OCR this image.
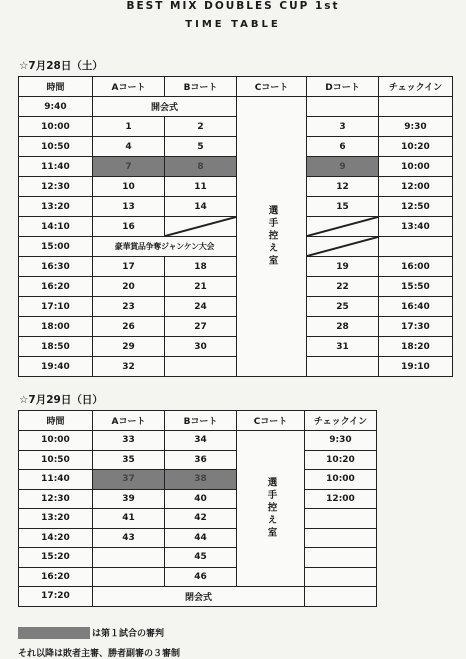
BEST MIX DOUBLES CUP 1st
TIME TABLE
☆7月28日（土）
時間	Aコート	Bコート	Cコート	Dコート	チェックイン
9:40	開会式		選手控え室		
10:00	1	2		3	9:30
10:50	4	5		6	10:20
11:40	7	8		9	10:00
12:30	10	11		12	12:00
13:20	13	14		15	12:50
14:10	16				13:40
15:00	豪華賞品争奪ジャンケン大会	

16:30	17	18		19	16:00
16:20	20	21		22	15:50
17:10	23	24		25	16:40
18:00	26	27		28	17:30
18:50	29	30		31	18:20
19:40	32				19:10
☆7月29日（日）
時間	Aコート	Bコート	Cコート	チェックイン
10:00	33	34	選手控え室	9:30
10:50	35	36		10:20
11:40	37	38		10:00
12:30	39	40		12:00
13:20	41	42		
14:20	43	44		
15:20		45		
16:20		46		
17:20	閉会式			
は第１試合の審判
それ以降は敗者主審、勝者副審の３審制
